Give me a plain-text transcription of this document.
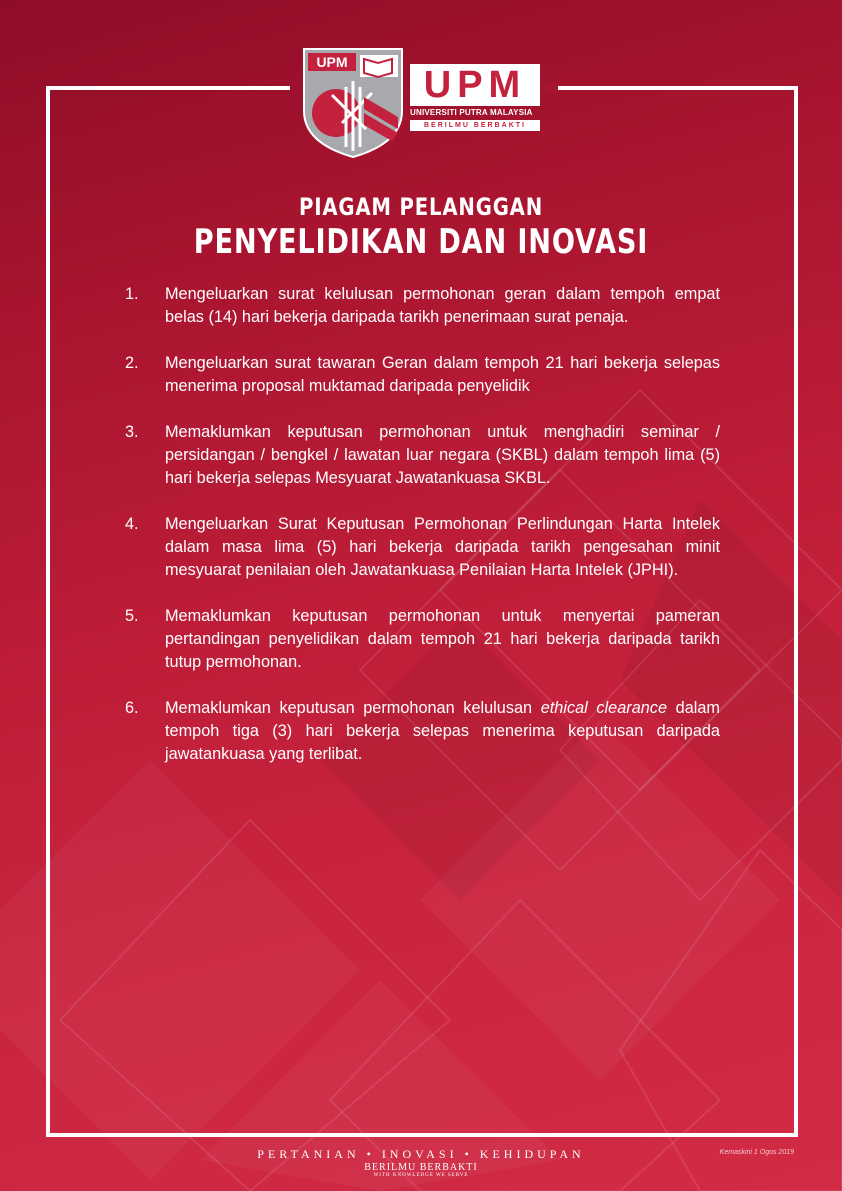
UPM
UPM
UNIVERSITI PUTRA MALAYSIA
BERILMU BERBAKTI
PIAGAM PELANGGAN
PENYELIDIKAN DAN INOVASI
1. Mengeluarkan surat kelulusan permohonan geran dalam tempoh empat belas (14) hari bekerja daripada tarikh penerimaan surat penaja.
2. Mengeluarkan surat tawaran Geran dalam tempoh 21 hari bekerja selepas menerima proposal muktamad daripada penyelidik
3. Memaklumkan keputusan permohonan untuk menghadiri seminar / persidangan / bengkel / lawatan luar negara (SKBL) dalam tempoh lima (5) hari bekerja selepas Mesyuarat Jawatankuasa SKBL.
4. Mengeluarkan Surat Keputusan Permohonan Perlindungan Harta Intelek dalam masa lima (5) hari bekerja daripada tarikh pengesahan minit mesyuarat penilaian oleh Jawatankuasa Penilaian Harta Intelek (JPHI).
5. Memaklumkan keputusan permohonan untuk menyertai pameran pertandingan penyelidikan dalam tempoh 21 hari bekerja daripada tarikh tutup permohonan.
6. Memaklumkan keputusan permohonan kelulusan ethical clearance dalam tempoh tiga (3) hari bekerja selepas menerima keputusan daripada jawatankuasa yang terlibat.
PERTANIAN • INOVASI • KEHIDUPAN
BERILMU BERBAKTI
WITH KNOWLEDGE WE SERVE
Kemaskini 1 Ogos 2019
